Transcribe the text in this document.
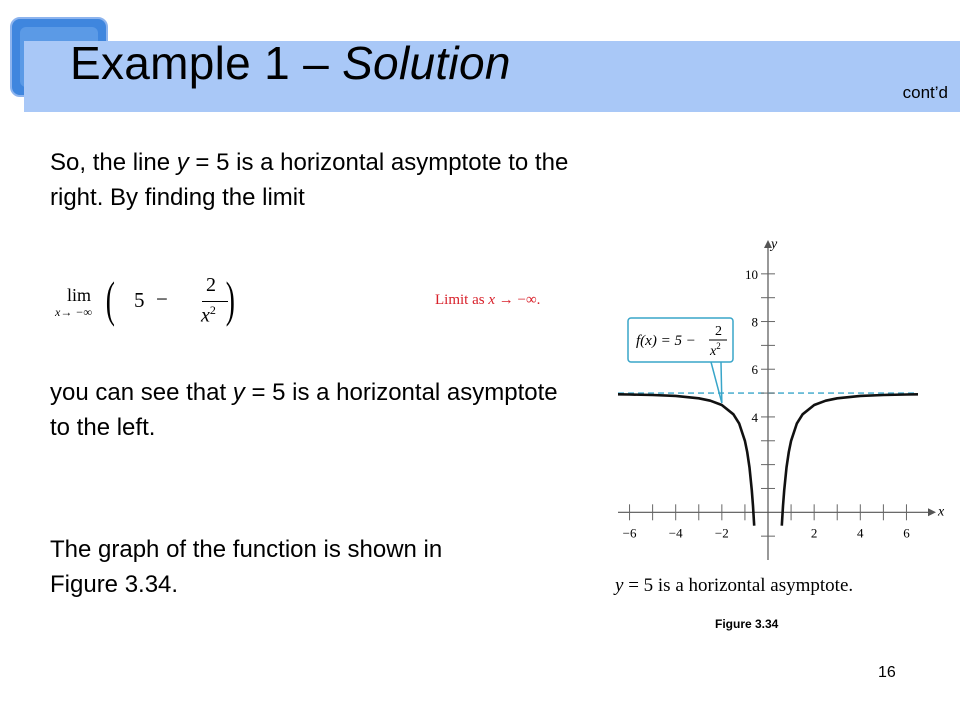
Example 1 – Solution
cont’d

So, the line y = 5 is a horizontal asymptote to the right. By finding the limit

lim
x→ −∞ ( 5 −
2
$x^2$ )	Limit as x → −∞.

you can see that y = 5 is a horizontal asymptote to the left.

The graph of the function is shown in Figure 3.34.

−6 −4 −2	2	4	6
4
6
8
10
x
y
f(x) = 5 −
2
$x^2$
y = 5 is a horizontal asymptote.
Figure 3.34
16
